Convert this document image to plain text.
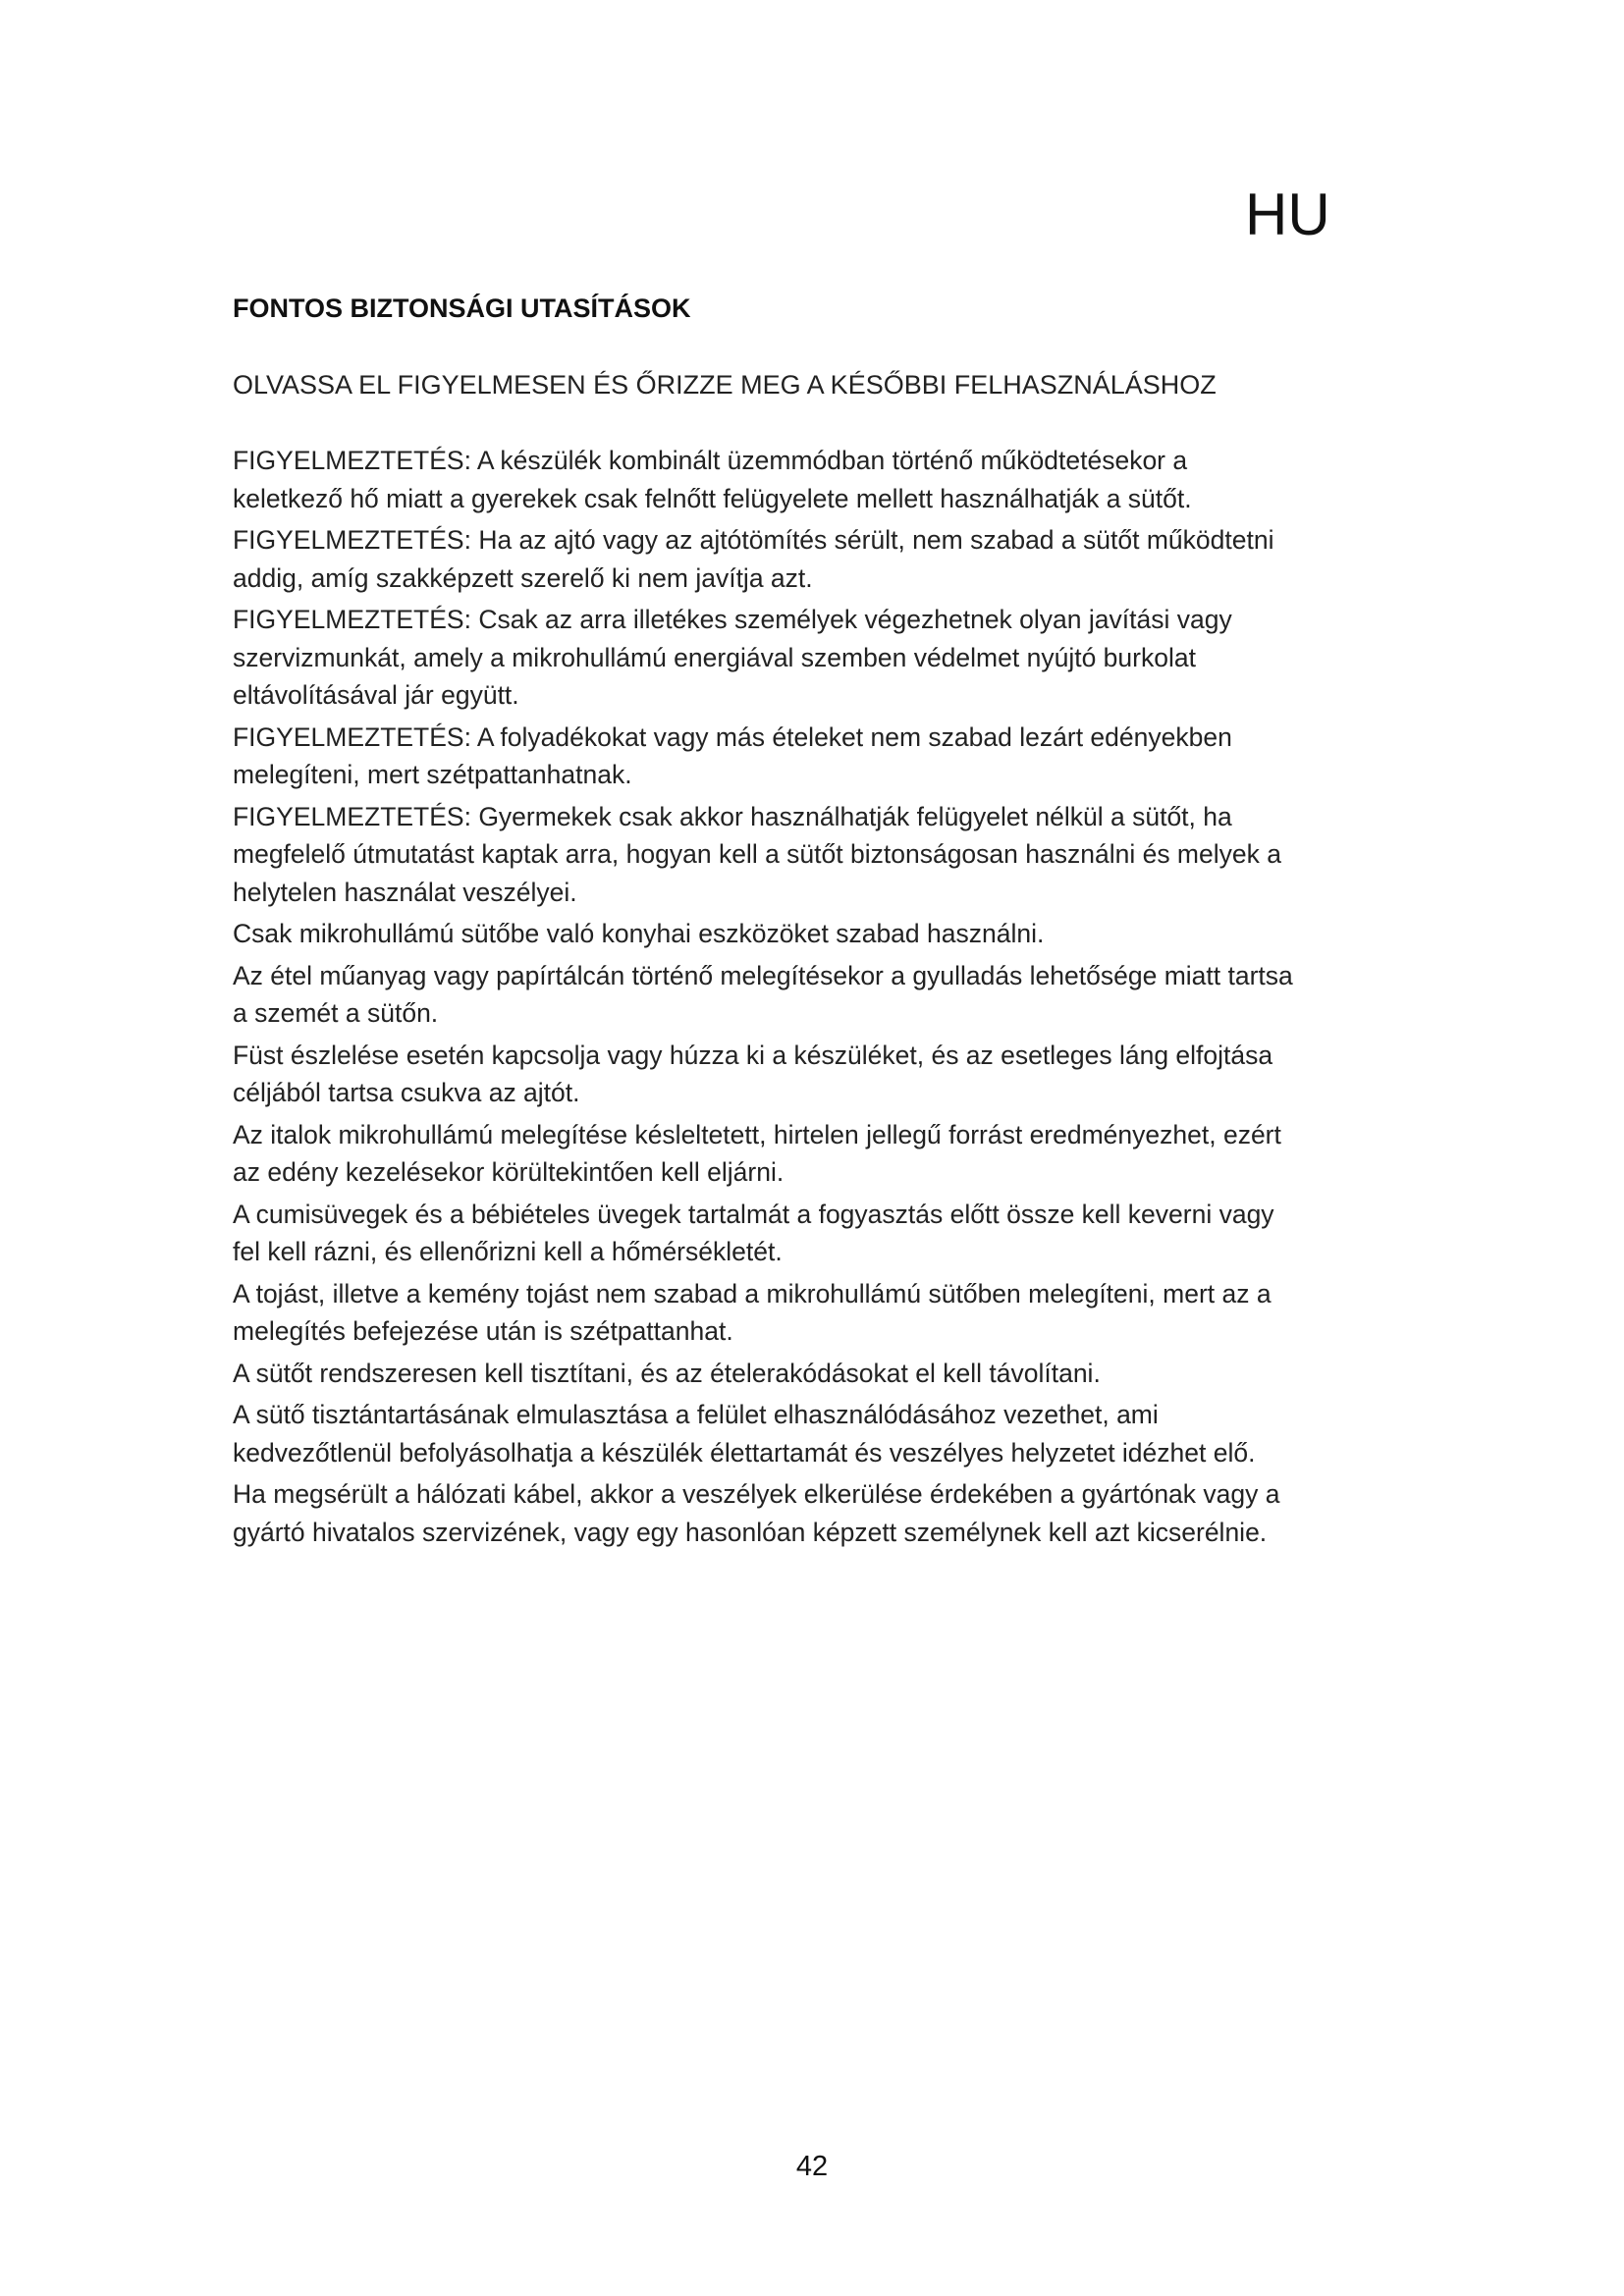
HU
FONTOS BIZTONSÁGI UTASÍTÁSOK
OLVASSA EL FIGYELMESEN ÉS ŐRIZZE MEG A KÉSŐBBI FELHASZNÁLÁSHOZ

FIGYELMEZTETÉS: A készülék kombinált üzemmódban történő működtetésekor a
keletkező hő miatt a gyerekek csak felnőtt felügyelete mellett használhatják a sütőt.

FIGYELMEZTETÉS: Ha az ajtó vagy az ajtótömítés sérült, nem szabad a sütőt működtetni
addig, amíg szakképzett szerelő ki nem javítja azt.

FIGYELMEZTETÉS: Csak az arra illetékes személyek végezhetnek olyan javítási vagy
szervizmunkát, amely a mikrohullámú energiával szemben védelmet nyújtó burkolat
eltávolításával jár együtt.

FIGYELMEZTETÉS: A folyadékokat vagy más ételeket nem szabad lezárt edényekben
melegíteni, mert szétpattanhatnak.

FIGYELMEZTETÉS: Gyermekek csak akkor használhatják felügyelet nélkül a sütőt, ha
megfelelő útmutatást kaptak arra, hogyan kell a sütőt biztonságosan használni és melyek a
helytelen használat veszélyei.

Csak mikrohullámú sütőbe való konyhai eszközöket szabad használni.

Az étel műanyag vagy papírtálcán történő melegítésekor a gyulladás lehetősége miatt tartsa
a szemét a sütőn.

Füst észlelése esetén kapcsolja vagy húzza ki a készüléket, és az esetleges láng elfojtása
céljából tartsa csukva az ajtót.

Az italok mikrohullámú melegítése késleltetett, hirtelen jellegű forrást eredményezhet, ezért
az edény kezelésekor körültekintően kell eljárni.

A cumisüvegek és a bébiételes üvegek tartalmát a fogyasztás előtt össze kell keverni vagy
fel kell rázni, és ellenőrizni kell a hőmérsékletét.

A tojást, illetve a kemény tojást nem szabad a mikrohullámú sütőben melegíteni, mert az a
melegítés befejezése után is szétpattanhat.

A sütőt rendszeresen kell tisztítani, és az ételerakódásokat el kell távolítani.

A sütő tisztántartásának elmulasztása a felület elhasználódásához vezethet, ami
kedvezőtlenül befolyásolhatja a készülék élettartamát és veszélyes helyzetet idézhet elő.

Ha megsérült a hálózati kábel, akkor a veszélyek elkerülése érdekében a gyártónak vagy a
gyártó hivatalos szervizének, vagy egy hasonlóan képzett személynek kell azt kicserélnie.

42
